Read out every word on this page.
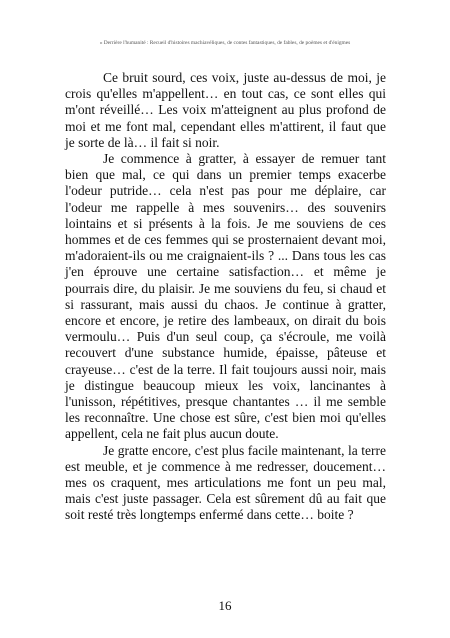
« Derrière l'humanité : Recueil d'histoires machiavéliques, de contes fantastiques, de fables, de poèmes et d'énigmes

Ce bruit sourd, ces voix, juste au-dessus de moi, je crois qu'elles m'appellent… en tout cas, ce sont elles qui m'ont réveillé… Les voix m'atteignent au plus profond de moi et me font mal, cependant elles m'attirent, il faut que je sorte de là… il fait si noir.

Je commence à gratter, à essayer de remuer tant bien que mal, ce qui dans un premier temps exacerbe l'odeur putride… cela n'est pas pour me déplaire, car l'odeur me rappelle à mes souvenirs… des souvenirs lointains et si présents à la fois. Je me souviens de ces hommes et de ces femmes qui se prosternaient devant moi, m'adoraient-ils ou me craignaient-ils ? ... Dans tous les cas j'en éprouve une certaine satisfaction… et même je pourrais dire, du plaisir. Je me souviens du feu, si chaud et si rassurant, mais aussi du chaos. Je continue à gratter, encore et encore, je retire des lambeaux, on dirait du bois vermoulu… Puis d'un seul coup, ça s'écroule, me voilà recouvert d'une substance humide, épaisse, pâteuse et crayeuse… c'est de la terre. Il fait toujours aussi noir, mais je distingue beaucoup mieux les voix, lancinantes à l'unisson, répétitives, presque chantantes … il me semble les reconnaître. Une chose est sûre, c'est bien moi qu'elles appellent, cela ne fait plus aucun doute.

Je gratte encore, c'est plus facile maintenant, la terre est meuble, et je commence à me redresser, doucement… mes os craquent, mes articulations me font un peu mal, mais c'est juste passager. Cela est sûrement dû au fait que soit resté très longtemps enfermé dans cette… boite ?

16
